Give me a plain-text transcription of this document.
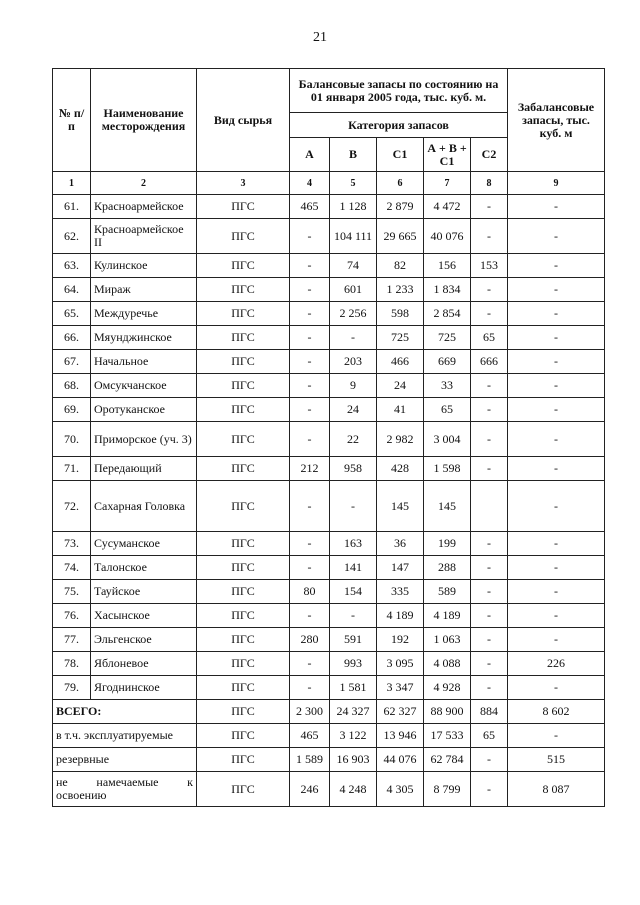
21
№ п/п	Наименование месторождения	Вид сырья	Балансовые запасы по состоянию на 01 января 2005 года, тыс. куб. м.					Забалансовые запасы, тыс. куб. м
			Категория запасов					
			А	В	С1	А + В + С1	С2	
1	2	3	4	5	6	7	8	9
61.	Красноармейское	ПГС	465	1 128	2 879	4 472	-	-
62.	Красноармейское II	ПГС	-	104 111	29 665	40 076	-	-
63.	Кулинское	ПГС	-	74	82	156	153	-
64.	Мираж	ПГС	-	601	1 233	1 834	-	-
65.	Междуречье	ПГС	-	2 256	598	2 854	-	-
66.	Мяунджинское	ПГС	-	-	725	725	65	-
67.	Начальное	ПГС	-	203	466	669	666	-
68.	Омсукчанское	ПГС	-	9	24	33	-	-
69.	Оротуканское	ПГС	-	24	41	65	-	-
70.	Приморское (уч. 3)	ПГС	-	22	2 982	3 004	-	-
71.	Передающий	ПГС	212	958	428	1 598	-	-
72.	Сахарная Головка	ПГС	-	-	145	145		-
73.	Сусуманское	ПГС	-	163	36	199	-	-
74.	Талонское	ПГС	-	141	147	288	-	-
75.	Тауйское	ПГС	80	154	335	589	-	-
76.	Хасынское	ПГС	-	-	4 189	4 189	-	-
77.	Эльгенское	ПГС	280	591	192	1 063	-	-
78.	Яблоневое	ПГС	-	993	3 095	4 088	-	226
79.	Ягоднинское	ПГС	-	1 581	3 347	4 928	-	-
ВСЕГО:		ПГС	2 300	24 327	62 327	88 900	884	8 602
в т.ч. эксплуатируемые		ПГС	465	3 122	13 946	17 533	65	-
резервные		ПГС	1 589	16 903	44 076	62 784	-	515
не намечаемые к освоению		ПГС	246	4 248	4 305	8 799	-	8 087
